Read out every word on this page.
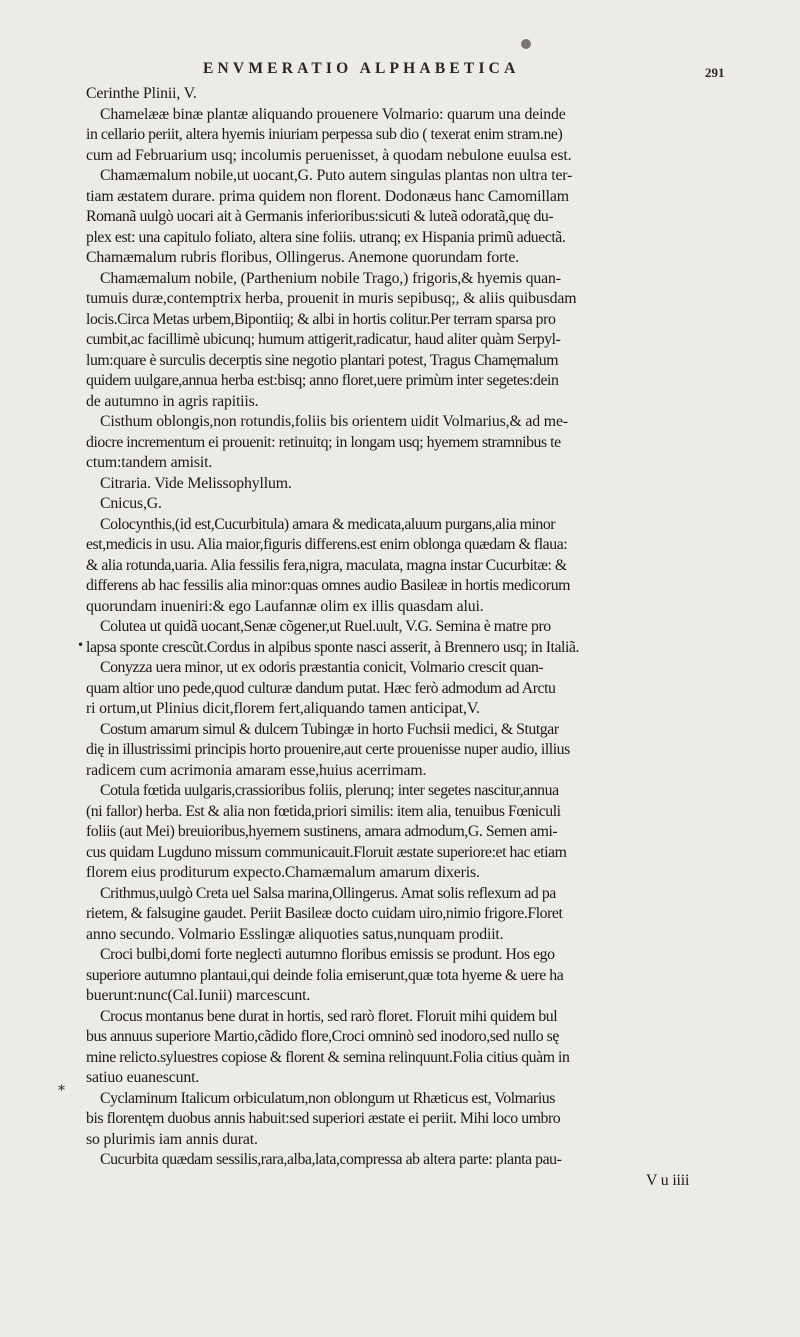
ENVMERATIO ALPHABETICA	291
•
*
Cerinthe Plinii, V.
Chamelææ binæ plantæ aliquando prouenere Volmario: quarum una deinde
in cellario periit, altera hyemis iniuriam perpessa sub dio ( texerat enim stram.ne)
cum ad Februarium usq; incolumis peruenisset, à quodam nebulone euulsa est.
Chamæmalum nobile,ut uocant,G. Puto autem singulas plantas non ultra ter-
tiam æstatem durare. prima quidem non florent. Dodonæus hanc Camomillam
Romanã uulgò uocari ait à Germanis inferioribus:sicuti & luteã odoratã,quę du-
plex est: una capitulo foliato, altera sine foliis. utranq; ex Hispania primũ aduectã.
Chamæmalum rubris floribus, Ollingerus. Anemone quorundam forte.
Chamæmalum nobile, (Parthenium nobile Trago,) frigoris,& hyemis quan-
tumuis duræ,contemptrix herba, prouenit in muris sepibusq;, & aliis quibusdam
locis.Circa Metas urbem,Bipontiiq; & albi in hortis colitur.Per terram sparsa pro
cumbit,ac facillimè ubicunq; humum attigerit,radicatur, haud aliter quàm Serpyl-
lum:quare è surculis decerptis sine negotio plantari potest, Tragus Chamęmalum
quidem uulgare,annua herba est:bisq; anno floret,uere primùm inter segetes:dein
de autumno in agris rapitiis.
Cisthum oblongis,non rotundis,foliis bis orientem uidit Volmarius,& ad me-
diocre incrementum ei prouenit: retinuitq; in longam usq; hyemem stramnibus te
ctum:tandem amisit.
Citraria. Vide Melissophyllum.
Cnicus,G.
Colocynthis,(id est,Cucurbitula) amara & medicata,aluum purgans,alia minor
est,medicis in usu. Alia maior,figuris differens.est enim oblonga quædam & flaua:
& alia rotunda,uaria. Alia fessilis fera,nigra, maculata, magna instar Cucurbitæ: &
differens ab hac fessilis alia minor:quas omnes audio Basileæ in hortis medicorum
quorundam inueniri:& ego Laufannæ olim ex illis quasdam alui.
Colutea ut quidã uocant,Senæ cõgener,ut Ruel.uult, V.G. Semina è matre pro
lapsa sponte crescũt.Cordus in alpibus sponte nasci asserit, à Brennero usq; in Italiã.
Conyzza uera minor, ut ex odoris præstantia conicit, Volmario crescit quan-
quam altior uno pede,quod culturæ dandum putat. Hæc ferò admodum ad Arctu
ri ortum,ut Plinius dicit,florem fert,aliquando tamen anticipat,V.
Costum amarum simul & dulcem Tubingæ in horto Fuchsii medici, & Stutgar
dię in illustrissimi principis horto prouenire,aut certe prouenisse nuper audio, illius
radicem cum acrimonia amaram esse,huius acerrimam.
Cotula fœtida uulgaris,crassioribus foliis, plerunq; inter segetes nascitur,annua
(ni fallor) herba. Est & alia non fœtida,priori similis: item alia, tenuibus Fœniculi
foliis (aut Mei) breuioribus,hyemem sustinens, amara admodum,G. Semen ami-
cus quidam Lugduno missum communicauit.Floruit æstate superiore:et hac etiam
florem eius proditurum expecto.Chamæmalum amarum dixeris.
Crithmus,uulgò Creta uel Salsa marina,Ollingerus. Amat solis reflexum ad pa
rietem, & falsugine gaudet. Periit Basileæ docto cuidam uiro,nimio frigore.Floret
anno secundo. Volmario Esslingæ aliquoties satus,nunquam prodiit.
Croci bulbi,domi forte neglecti autumno floribus emissis se produnt. Hos ego
superiore autumno plantaui,qui deinde folia emiserunt,quæ tota hyeme & uere ha
buerunt:nunc(Cal.Iunii) marcescunt.
Crocus montanus bene durat in hortis, sed rarò floret. Floruit mihi quidem bul
bus annuus superiore Martio,cãdido flore,Croci omninò sed inodoro,sed nullo sę
mine relicto.syluestres copiose & florent & semina relinquunt.Folia citius quàm in
satiuo euanescunt.
Cyclaminum Italicum orbiculatum,non oblongum ut Rhæticus est, Volmarius
bis florentęm duobus annis habuit:sed superiori æstate ei periit. Mihi loco umbro
so plurimis iam annis durat.
Cucurbita quædam sessilis,rara,alba,lata,compressa ab altera parte: planta pau-
V u iiii
